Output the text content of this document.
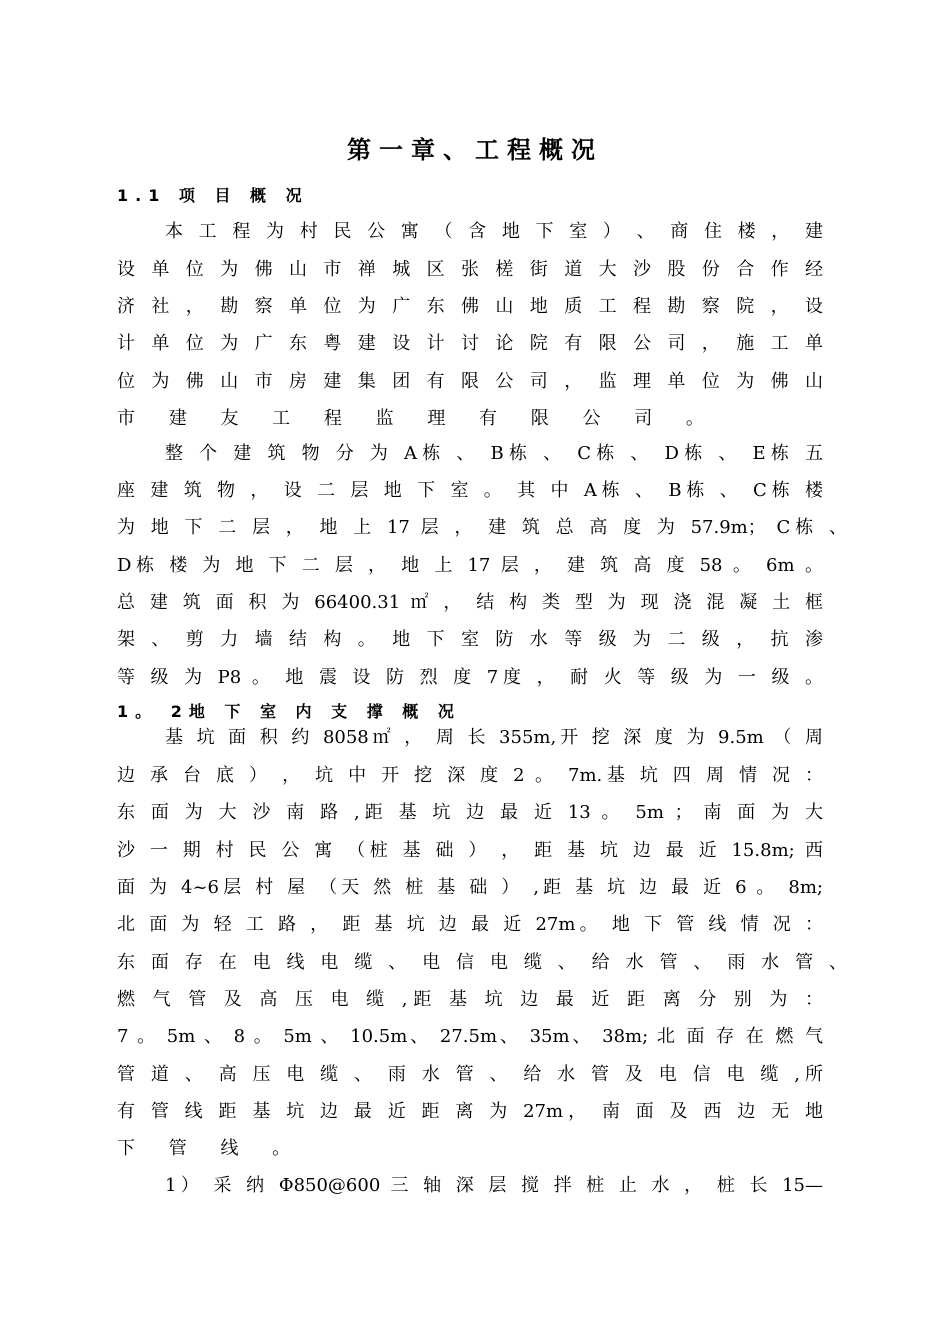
第一章、工程概况
1.1 项 目 概 况
本 工 程 为 村 民 公 寓 （ 含 地 下 室 ） 、 商 住 楼 ， 建
设 单 位 为 佛 山 市 禅 城 区 张 槎 街 道 大 沙 股 份 合 作 经
济 社 ， 勘 察 单 位 为 广 东 佛 山 地 质 工 程 勘 察 院 ， 设
计 单 位 为 广 东 粤 建 设 计 讨 论 院 有 限 公 司 ， 施 工 单
位 为 佛 山 市 房 建 集 团 有 限 公 司 ， 监 理 单 位 为 佛 山
市 建 友 工 程 监 理 有 限 公 司 。
整 个 建 筑 物 分 为 A栋 、 B栋 、 C栋 、 D栋 、 E栋 五
座 建 筑 物 ， 设 二 层 地 下 室 。 其 中 A栋 、 B栋 、 C栋 楼
为 地 下 二 层 ， 地 上 17 层 ， 建 筑 总 高 度 为 57.9m； C栋 、
D栋 楼 为 地 下 二 层 ， 地 上 17 层 ， 建 筑 高 度 58 。 6m 。
总 建 筑 面 积 为 66400.31 ㎡ ， 结 构 类 型 为 现 浇 混 凝 土 框
架 、 剪 力 墙 结 构 。 地 下 室 防 水 等 级 为 二 级 ， 抗 渗
等 级 为 P8 。 地 震 设 防 烈 度 7度 ， 耐 火 等 级 为 一 级 。
1。 2地 下 室 内 支 撑 概 况
基 坑 面 积 约 8058㎡ ， 周 长 355m,开 挖 深 度 为 9.5m （ 周
边 承 台 底 ） ， 坑 中 开 挖 深 度 2 。 7m.基 坑 四 周 情 况 ：
东 面 为 大 沙 南 路 ,距 基 坑 边 最 近 13 。 5m ； 南 面 为 大
沙 一 期 村 民 公 寓 （桩 基 础 ） ， 距 基 坑 边 最 近 15.8m; 西
面 为 4~6层 村 屋 （天 然 桩 基 础 ） ,距 基 坑 边 最 近 6 。 8m;
北 面 为 轻 工 路 ， 距 基 坑 边 最 近 27m。 地 下 管 线 情 况 ：
东 面 存 在 电 线 电 缆 、 电 信 电 缆 、 给 水 管 、 雨 水 管 、
燃 气 管 及 高 压 电 缆 ,距 基 坑 边 最 近 距 离 分 别 为 ：
7 。 5m 、 8 。 5m 、 10.5m、 27.5m、 35m、 38m; 北 面 存 在 燃 气
管 道 、 高 压 电 缆 、 雨 水 管 、 给 水 管 及 电 信 电 缆 ,所
有 管 线 距 基 坑 边 最 近 距 离 为 27m， 南 面 及 西 边 无 地
下 管 线 。
1） 采 纳 Φ850@600 三 轴 深 层 搅 拌 桩 止 水 ， 桩 长 15—
